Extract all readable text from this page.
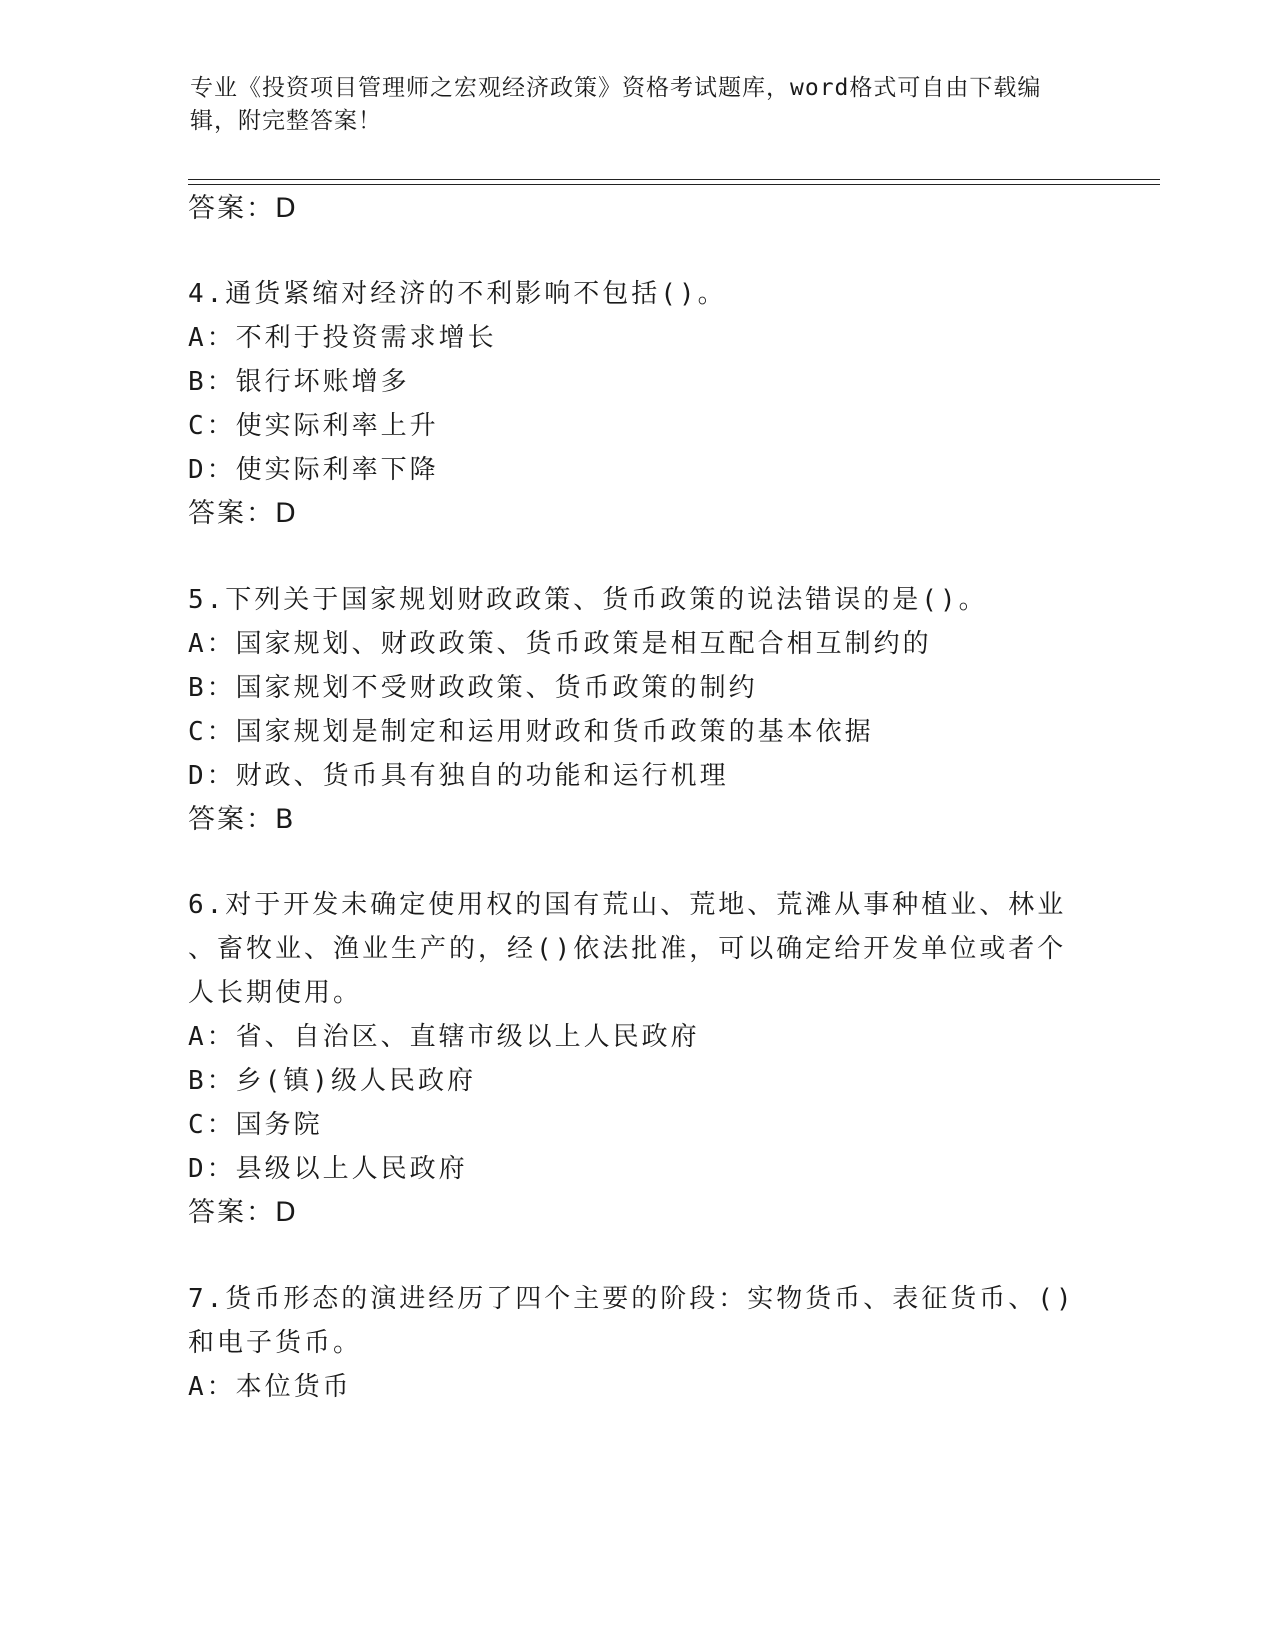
专业《投资项目管理师之宏观经济政策》资格考试题库，word格式可自由下载编
辑，附完整答案！
答案：D
4.通货紧缩对经济的不利影响不包括()。
A：不利于投资需求增长
B：银行坏账增多
C：使实际利率上升
D：使实际利率下降
答案：D
5.下列关于国家规划财政政策、货币政策的说法错误的是()。
A：国家规划、财政政策、货币政策是相互配合相互制约的
B：国家规划不受财政政策、货币政策的制约
C：国家规划是制定和运用财政和货币政策的基本依据
D：财政、货币具有独自的功能和运行机理
答案：B
6.对于开发未确定使用权的国有荒山、荒地、荒滩从事种植业、林业
、畜牧业、渔业生产的，经()依法批准，可以确定给开发单位或者个
人长期使用。
A：省、自治区、直辖市级以上人民政府
B：乡(镇)级人民政府
C：国务院
D：县级以上人民政府
答案：D
7.货币形态的演进经历了四个主要的阶段：实物货币、表征货币、()
和电子货币。
A：本位货币
